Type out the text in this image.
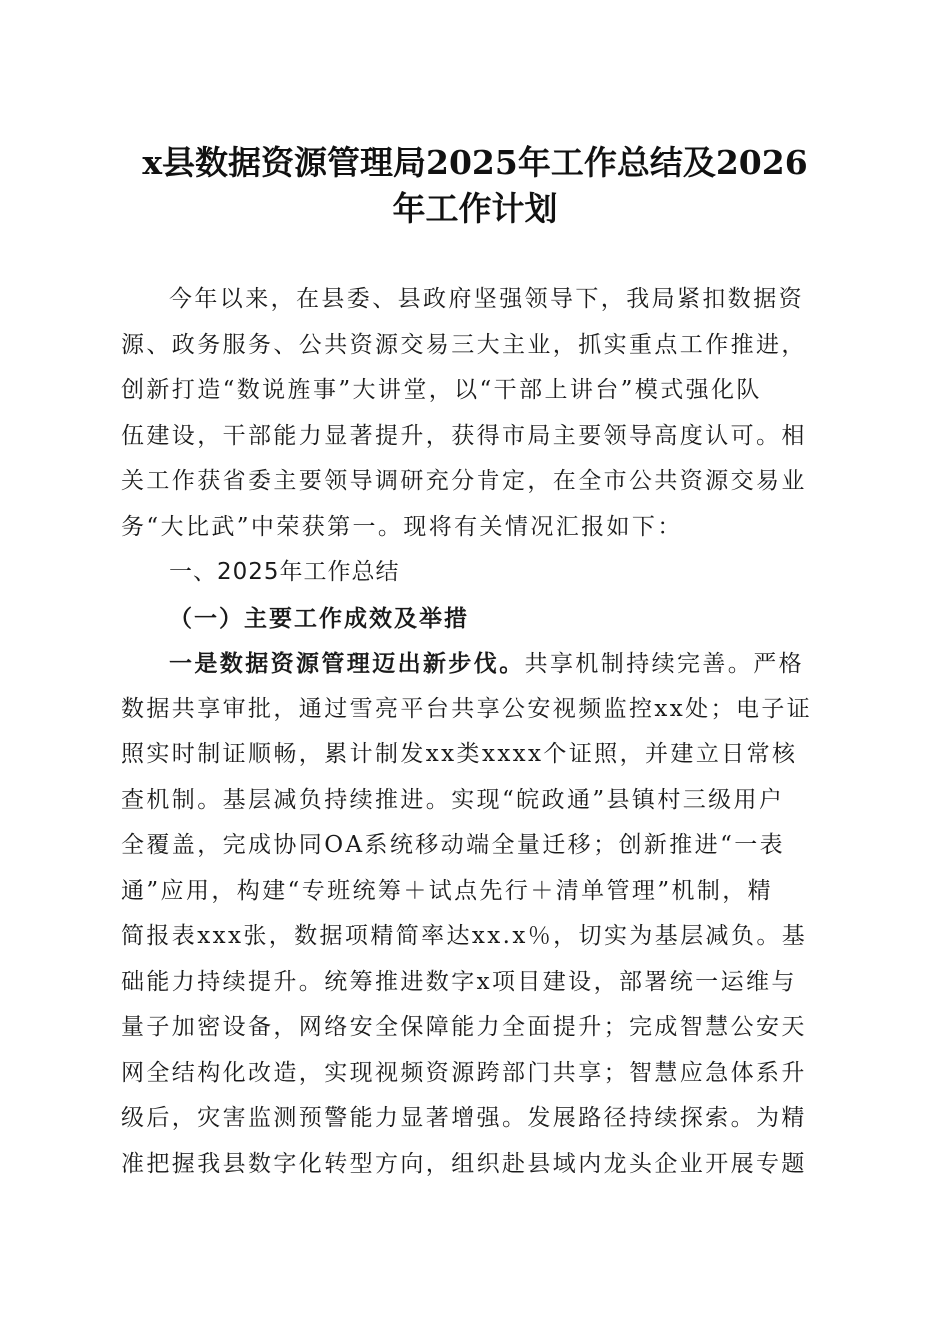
x县数据资源管理局2025年工作总结及2026
年工作计划
今年以来，在县委、县政府坚强领导下，我局紧扣数据资
源、政务服务、公共资源交易三大主业，抓实重点工作推进，
创新打造“数说旌事”大讲堂，以“干部上讲台”模式强化队
伍建设，干部能力显著提升，获得市局主要领导高度认可。相
关工作获省委主要领导调研充分肯定，在全市公共资源交易业
务“大比武”中荣获第一。现将有关情况汇报如下：
一、2025年工作总结
（一）主要工作成效及举措
一是数据资源管理迈出新步伐。共享机制持续完善。严格
数据共享审批，通过雪亮平台共享公安视频监控xx处；电子证
照实时制证顺畅，累计制发xx类xxxx个证照，并建立日常核
查机制。基层减负持续推进。实现“皖政通”县镇村三级用户
全覆盖，完成协同OA系统移动端全量迁移；创新推进“一表
通”应用，构建“专班统筹＋试点先行＋清单管理”机制，精
简报表xxx张，数据项精简率达xx.x％，切实为基层减负。基
础能力持续提升。统筹推进数字x项目建设，部署统一运维与
量子加密设备，网络安全保障能力全面提升；完成智慧公安天
网全结构化改造，实现视频资源跨部门共享；智慧应急体系升
级后，灾害监测预警能力显著增强。发展路径持续探索。为精
准把握我县数字化转型方向，组织赴县域内龙头企业开展专题
